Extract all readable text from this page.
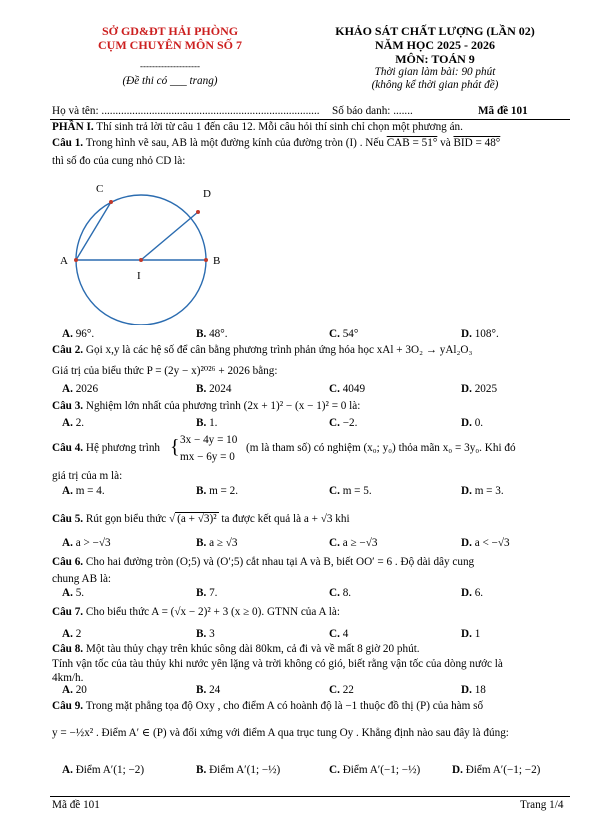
SỞ GD&ĐT HẢI PHÒNG
CỤM CHUYÊN MÔN SỐ 7
--------------------
(Đề thi có ___ trang)
KHẢO SÁT CHẤT LƯỢNG (LẦN 02)
NĂM HỌC 2025 - 2026
MÔN: TOÁN 9
Thời gian làm bài: 90 phút
(không kể thời gian phát đề)
Họ và tên: .............................................................................. Số báo danh: .......	Mã đề 101
PHẦN I. Thí sinh trả lời từ câu 1 đến câu 12. Mỗi câu hỏi thí sinh chỉ chọn một phương án.
Câu 1. Trong hình vẽ sau, AB là một đường kính của đường tròn (I) . Nếu CAB = 51° và BID = 48°
thì số đo của cung nhỏ CD là:
C	D
A	B
I
A. 96°.	B. 48°.	C. 54°	D. 108°.
Câu 2. Gọi x,y là các hệ số để cân bằng phương trình phản ứng hóa học xAl + 3O₂ → yAl₂O₃
Giá trị của biểu thức P = (2y − x)²⁰²⁶ + 2026 bằng:
A. 2026	B. 2024	C. 4049	D. 2025
Câu 3. Nghiệm lớn nhất của phương trình (2x + 1)² − (x − 1)² = 0 là:
A. 2.	B. 1.	C. −2.	D. 0.
Câu 4. Hệ phương trình { 3x − 4y = 10
mx − 6y = 0
(m là tham số) có nghiệm (x₀; y₀) thỏa mãn x₀ = 3y₀. Khi đó
giá trị của m là:
A. m = 4.	B. m = 2.	C. m = 5.	D. m = 3.
Câu 5. Rút gọn biểu thức √ (a + √3)² ta được kết quả là a + √3 khi
A. a > −√3	B. a ≥ √3	C. a ≥ −√3	D. a < −√3
Câu 6. Cho hai đường tròn (O;5) và (O′;5) cắt nhau tại A và B, biết OO′ = 6 . Độ dài dây cung
chung AB là:
A. 5.	B. 7.	C. 8.	D. 6.
Câu 7. Cho biểu thức A = (√x − 2)² + 3 (x ≥ 0). GTNN của A là:
A. 2	B. 3	C. 4	D. 1
Câu 8. Một tàu thủy chạy trên khúc sông dài 80km, cả đi và về mất 8 giờ 20 phút.
Tính vận tốc của tàu thủy khi nước yên lặng và trời không có gió, biết rằng vận tốc của dòng nước là
4km/h.
A. 20	B. 24	C. 22	D. 18
Câu 9. Trong mặt phẳng tọa độ Oxy , cho điểm A có hoành độ là −1 thuộc đồ thị (P) của hàm số
y = −½x² . Điểm A′ ∈ (P) và đối xứng với điểm A qua trục tung Oy . Khẳng định nào sau đây là đúng:
A. Điểm A′(1; −2)	B. Điểm A′(1; −½)	C. Điểm A′(−1; −½)	D. Điểm A′(−1; −2)
Mã đề 101	Trang 1/4
